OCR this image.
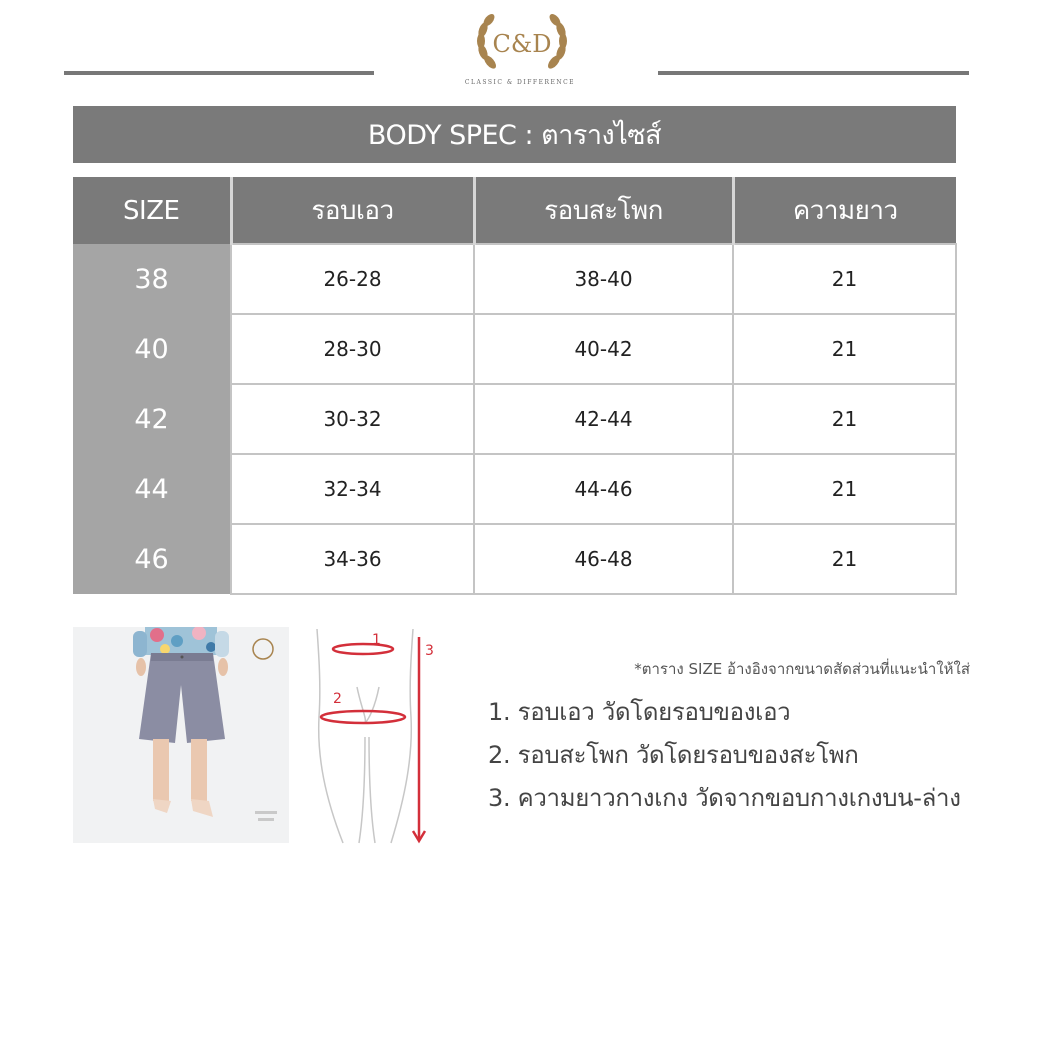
C&D
CLASSIC & DIFFERENCE
BODY SPEC : ตารางไซส์
SIZE	รอบเอว	รอบสะโพก	ความยาว
38	26-28	38-40	21
40	28-30	40-42	21
42	30-32	42-44	21
44	32-34	44-46	21
46	34-36	46-48	21
1
2
3
*ตาราง SIZE อ้างอิงจากขนาดสัดส่วนที่แนะนำให้ใส่
1. รอบเอว วัดโดยรอบของเอว
2. รอบสะโพก วัดโดยรอบของสะโพก
3. ความยาวกางเกง วัดจากขอบกางเกงบน-ล่าง
